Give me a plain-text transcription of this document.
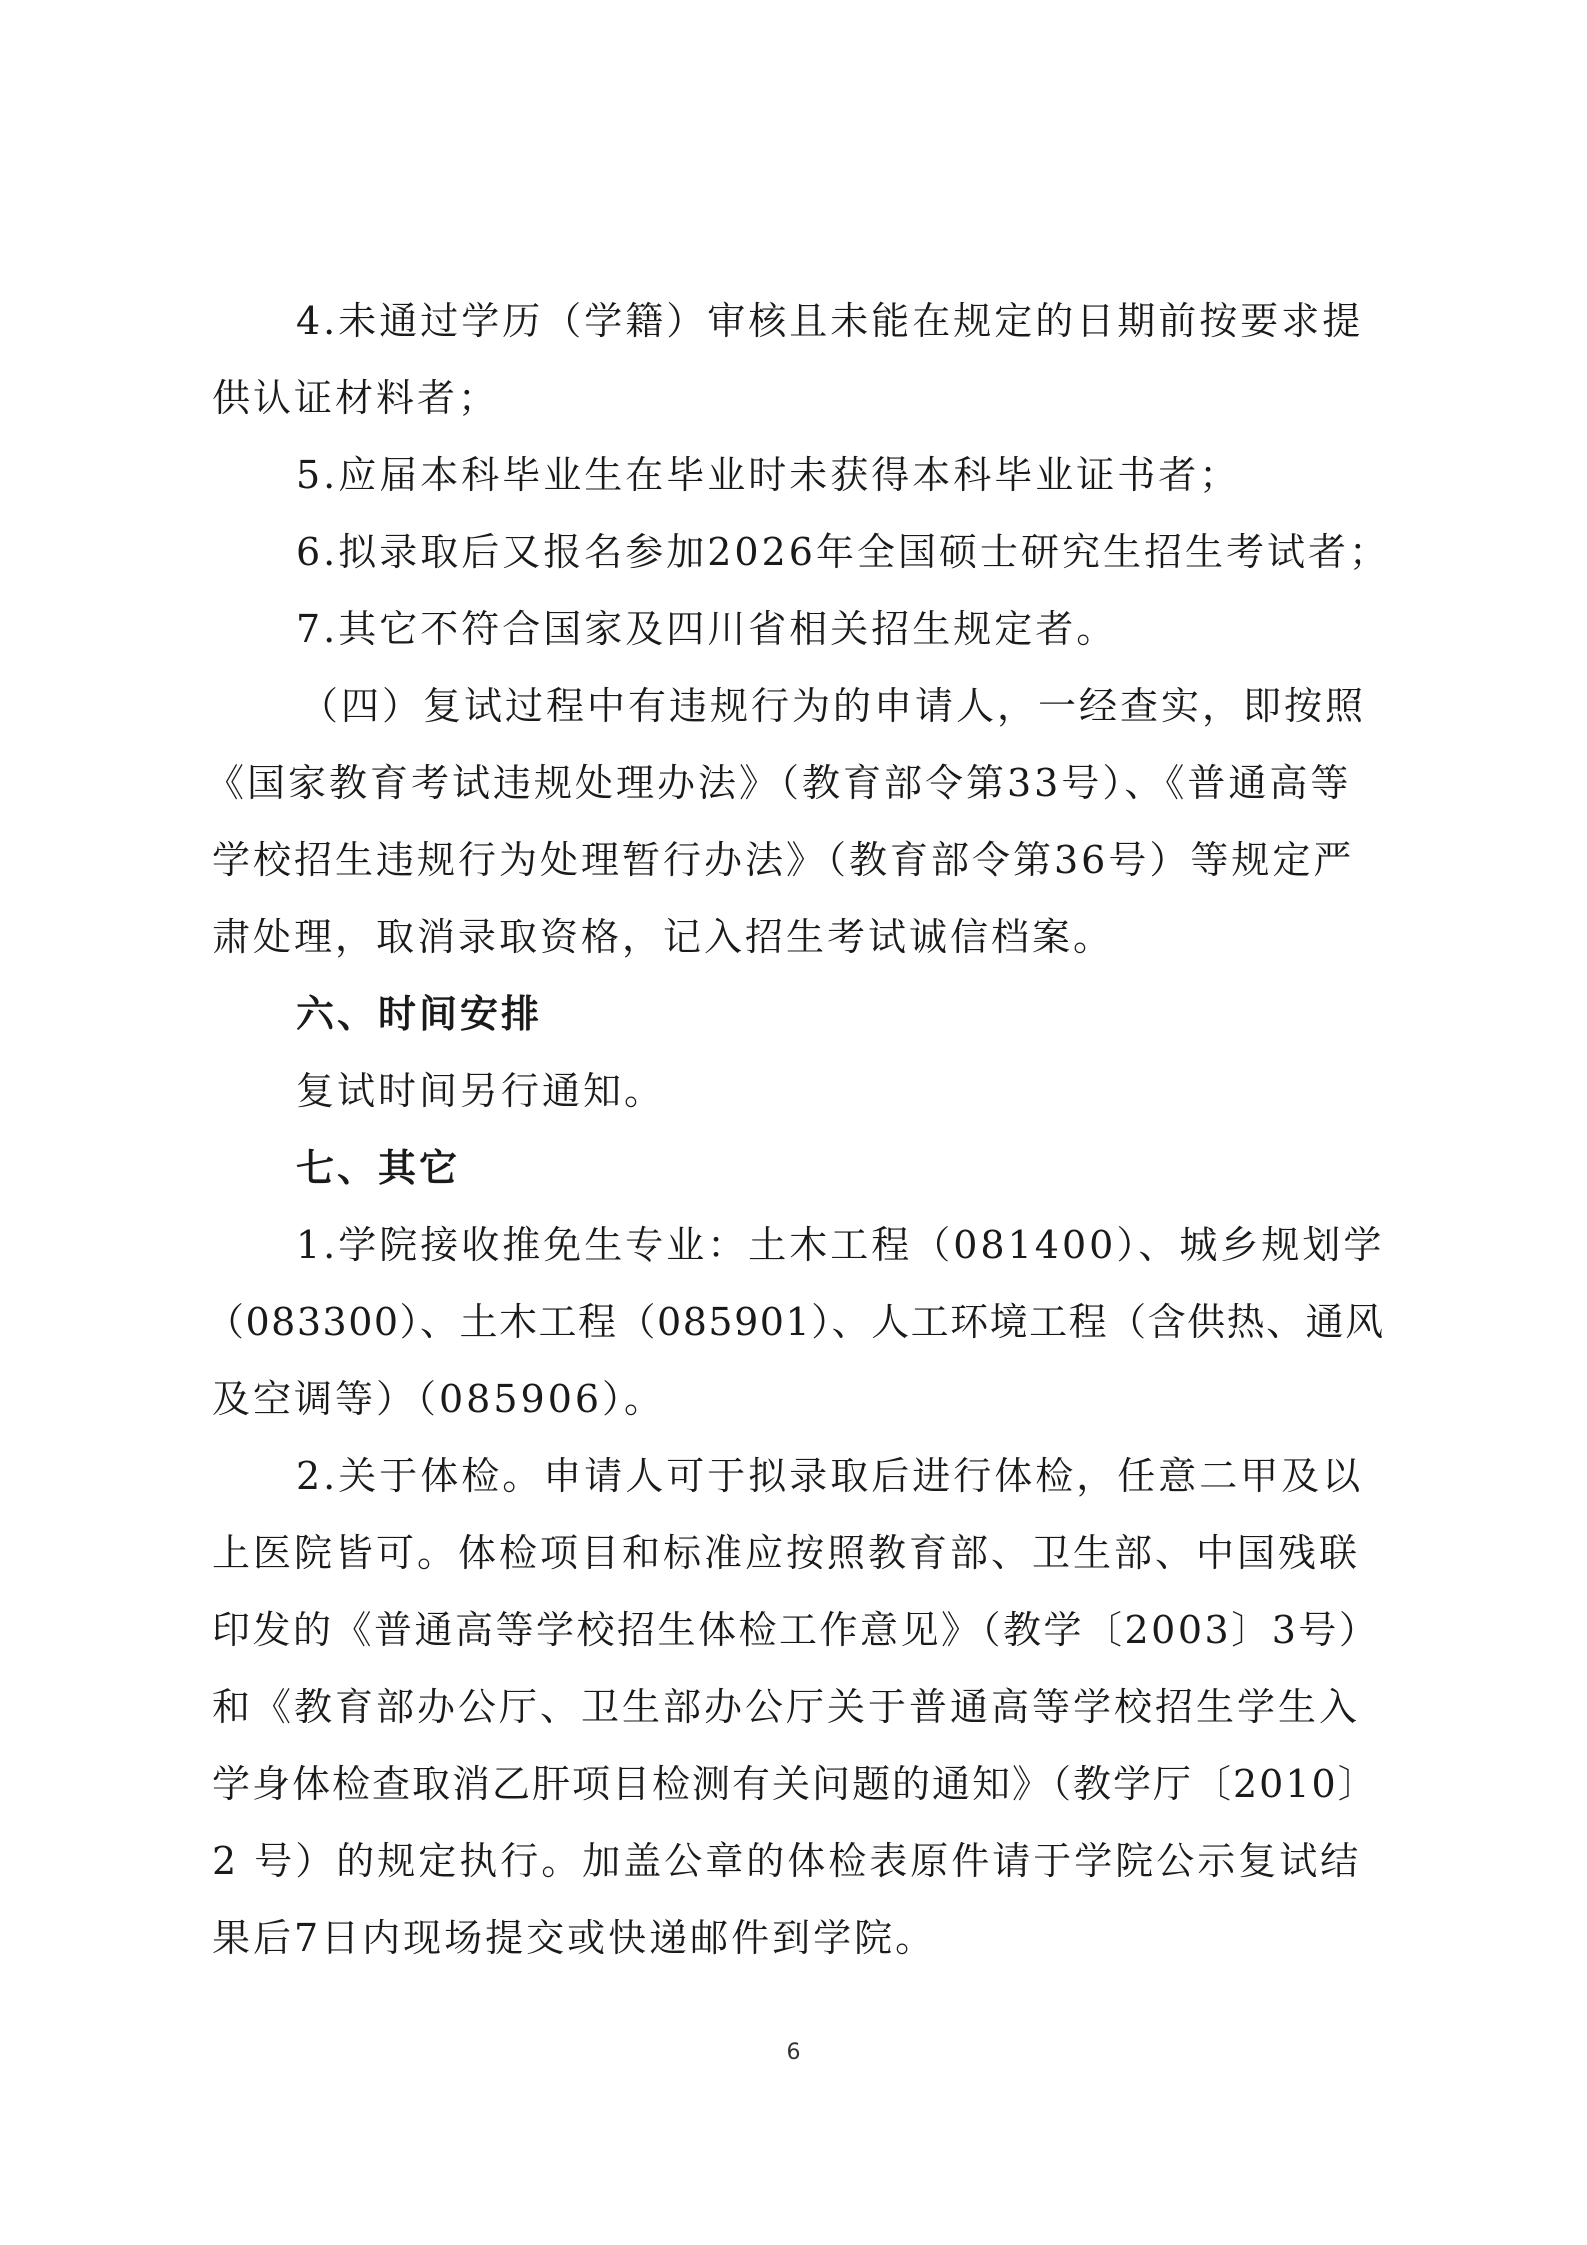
4.未通过学历（学籍）审核且未能在规定的日期前按要求提
供认证材料者；
5.应届本科毕业生在毕业时未获得本科毕业证书者；
6.拟录取后又报名参加2026年全国硕士研究生招生考试者；
7.其它不符合国家及四川省相关招生规定者。
（四）复试过程中有违规行为的申请人，一经查实，即按照
《国家教育考试违规处理办法》（教育部令第33号）、《普通高等
学校招生违规行为处理暂行办法》（教育部令第36号）等规定严
肃处理，取消录取资格，记入招生考试诚信档案。
六、时间安排
复试时间另行通知。
七、其它
1.学院接收推免生专业：土木工程（081400）、城乡规划学
（083300）、土木工程（085901）、人工环境工程（含供热、通风
及空调等）（085906）。
2.关于体检。申请人可于拟录取后进行体检，任意二甲及以
上医院皆可。体检项目和标准应按照教育部、卫生部、中国残联
印发的《普通高等学校招生体检工作意见》（教学〔2003〕3号）
和《教育部办公厅、卫生部办公厅关于普通高等学校招生学生入
学身体检查取消乙肝项目检测有关问题的通知》（教学厅〔2010〕
2 号）的规定执行。加盖公章的体检表原件请于学院公示复试结
果后7日内现场提交或快递邮件到学院。
6
